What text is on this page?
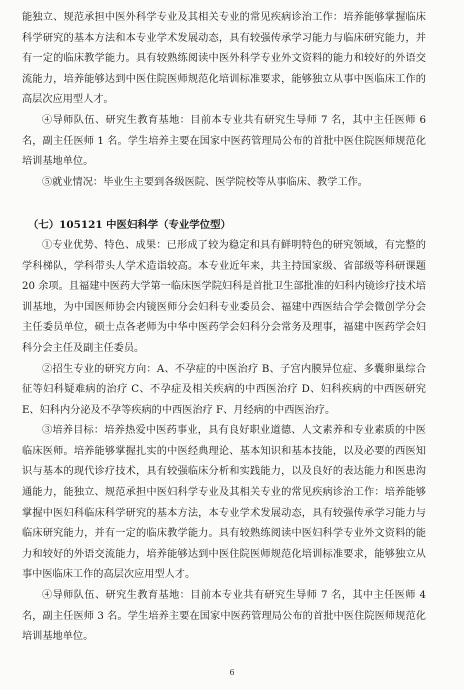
能独立、规范承担中医外科学专业及其相关专业的常见疾病诊治工作：培养能够掌握临床科学研究的基本方法和本专业学术发展动态，具有较强传承学习能力与临床研究能力，并有一定的临床教学能力。具有较熟练阅读中医外科学专业外文资料的能力和较好的外语交流能力，培养能够达到中医住院医师规范化培训标准要求，能够独立从事中医临床工作的高层次应用型人才。

④导师队伍、研究生教育基地：目前本专业共有研究生导师 7 名，其中主任医师 6 名，副主任医师 1 名。学生培养主要在国家中医药管理局公布的首批中医住院医师规范化培训基地单位。

⑤就业情况：毕业生主要到各级医院、医学院校等从事临床、教学工作。

（七）105121 中医妇科学（专业学位型）

①专业优势、特色、成果：已形成了较为稳定和具有鲜明特色的研究领域，有完整的学科梯队，学科带头人学术造诣较高。本专业近年来，共主持国家级、省部级等科研课题 20 余项。且福建中医药大学第一临床医学院妇科是首批卫生部批准的妇科内镜诊疗技术培训基地，为中国医师协会内镜医师分会妇科专业委员会、福建中西医结合学会微创学分会主任委员单位，硕士点各老师为中华中医药学会妇科分会常务及理事，福建中医药学会妇科分会主任及副主任委员。

②招生专业的研究方向：A、不孕症的中医治疗 B、子宫内膜异位症、多囊卵巢综合征等妇科疑难病的治疗 C、不孕症及相关疾病的中西医治疗 D、妇科疾病的中西医研究 E、妇科内分泌及不孕等疾病的中西医治疗 F、月经病的中西医治疗。

③培养目标：培养热爱中医药事业，具有良好职业道德、人文素养和专业素质的中医临床医师。培养能够掌握扎实的中医经典理论、基本知识和基本技能，以及必要的西医知识与基本的现代诊疗技术，具有较强临床分析和实践能力，以及良好的表达能力和医患沟通能力，能独立、规范承担中医妇科学专业及其相关专业的常见疾病诊治工作：培养能够掌握中医妇科临床科学研究的基本方法，本专业学术发展动态，具有较强传承学习能力与临床研究能力，并有一定的临床教学能力。具有较熟练阅读中医妇科学专业外文资料的能力和较好的外语交流能力，培养能够达到中医住院医师规范化培训标准要求，能够独立从事中医临床工作的高层次应用型人才。

④导师队伍、研究生教育基地：目前本专业共有研究生导师 7 名，其中主任医师 4 名，副主任医师 3 名。学生培养主要在国家中医药管理局公布的首批中医住院医师规范化培训基地单位。

6
